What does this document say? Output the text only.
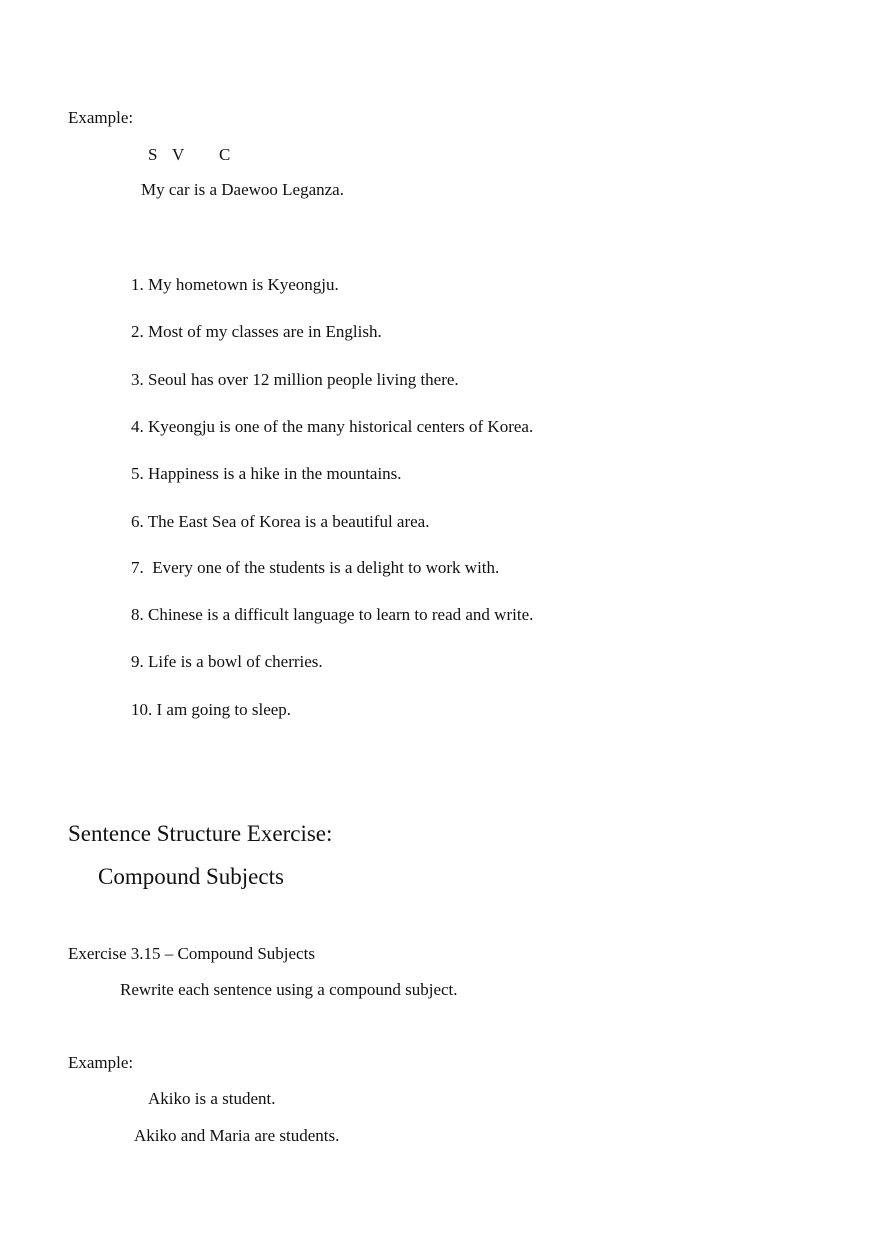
Example:
S V C
My car is a Daewoo Leganza.
1. My hometown is Kyeongju.
2. Most of my classes are in English.
3. Seoul has over 12 million people living there.
4. Kyeongju is one of the many historical centers of Korea.
5. Happiness is a hike in the mountains.
6. The East Sea of Korea is a beautiful area.
7.  Every one of the students is a delight to work with.
8. Chinese is a difficult language to learn to read and write.
9. Life is a bowl of cherries.
10. I am going to sleep.
Sentence Structure Exercise:
Compound Subjects
Exercise 3.15 – Compound Subjects
Rewrite each sentence using a compound subject.
Example:
Akiko is a student.
Akiko and Maria are students.
